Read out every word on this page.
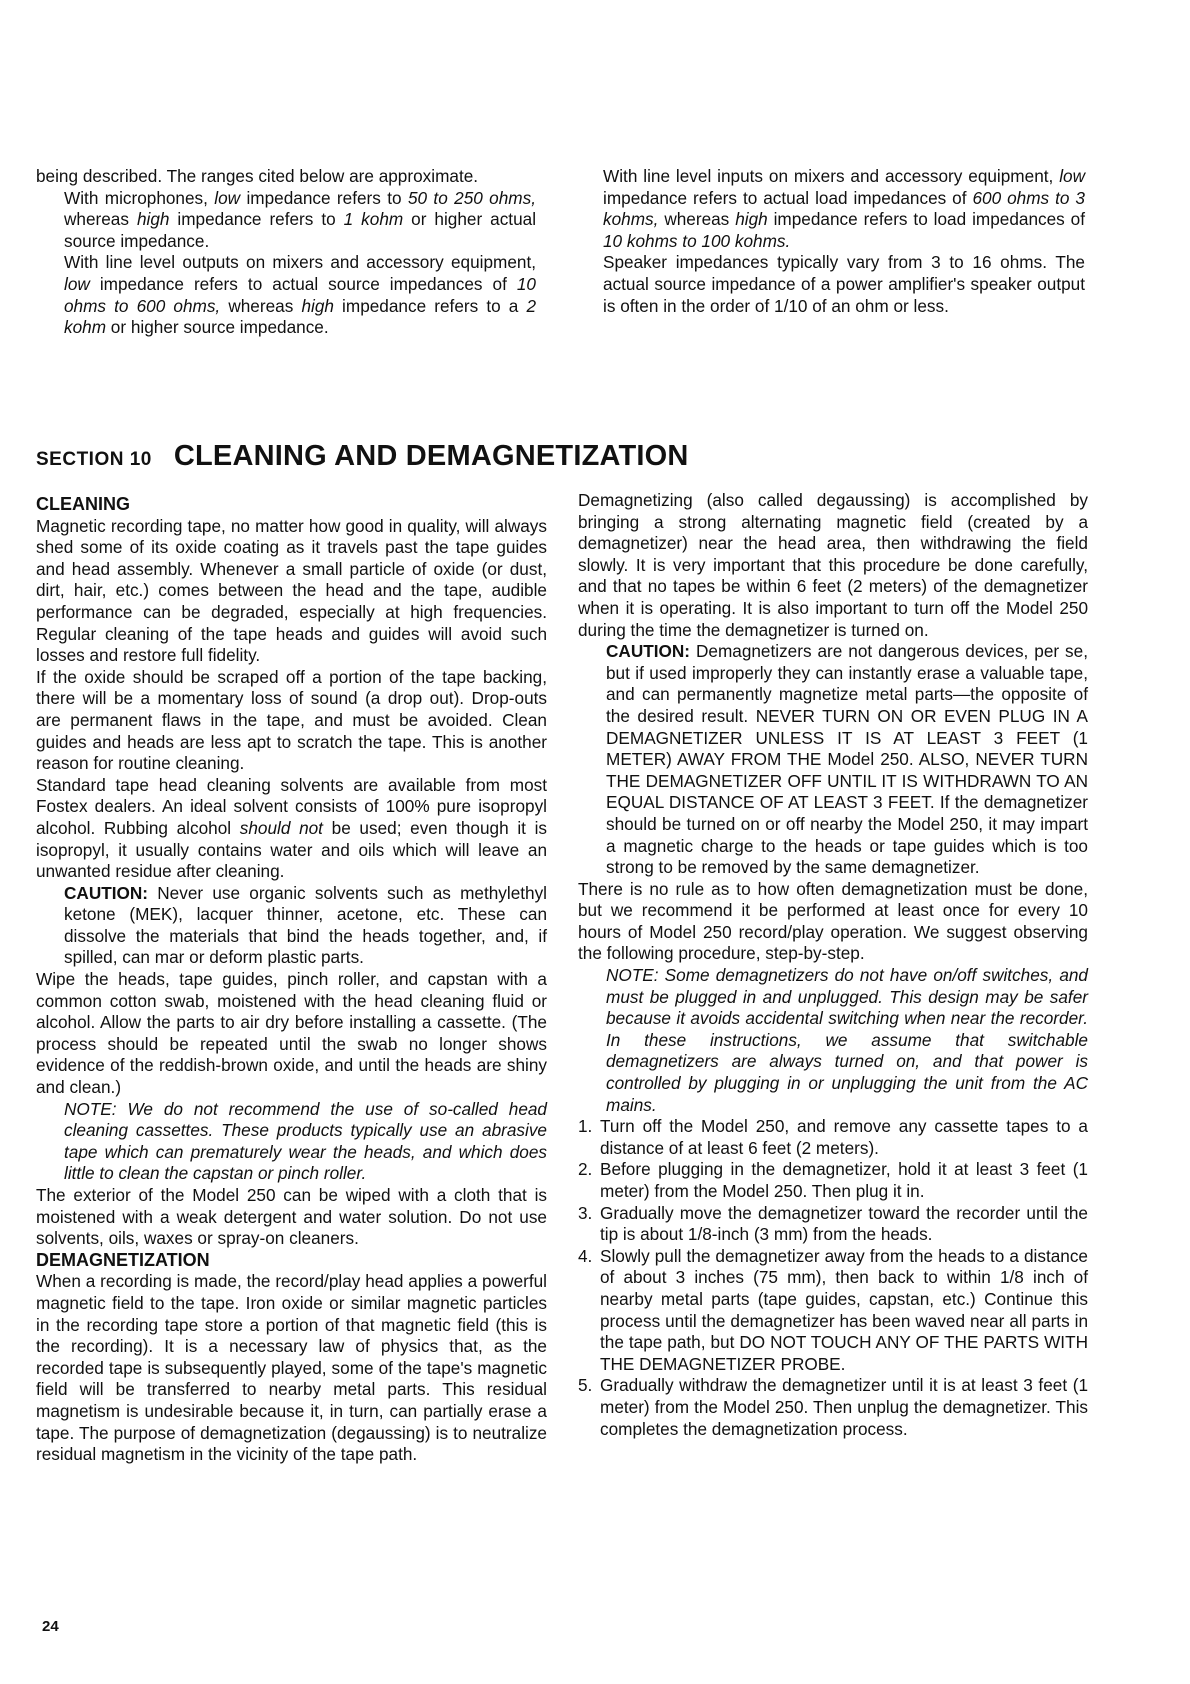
being described. The ranges cited below are approximate.

With microphones, low impedance refers to 50 to 250 ohms, whereas high impedance refers to 1 kohm or higher actual source impedance.

With line level outputs on mixers and accessory equipment, low impedance refers to actual source impedances of 10 ohms to 600 ohms, whereas high impedance refers to a 2 kohm or higher source impedance.

With line level inputs on mixers and accessory equipment, low impedance refers to actual load impedances of 600 ohms to 3 kohms, whereas high impedance refers to load impedances of 10 kohms to 100 kohms.

Speaker impedances typically vary from 3 to 16 ohms. The actual source impedance of a power amplifier's speaker output is often in the order of 1/10 of an ohm or less.

SECTION 10 CLEANING AND DEMAGNETIZATION

CLEANING

Magnetic recording tape, no matter how good in quality, will always shed some of its oxide coating as it travels past the tape guides and head assembly. Whenever a small particle of oxide (or dust, dirt, hair, etc.) comes between the head and the tape, audible performance can be degraded, especially at high frequencies. Regular cleaning of the tape heads and guides will avoid such losses and restore full fidelity.

If the oxide should be scraped off a portion of the tape backing, there will be a momentary loss of sound (a drop out). Drop-outs are permanent flaws in the tape, and must be avoided. Clean guides and heads are less apt to scratch the tape. This is another reason for routine cleaning.

Standard tape head cleaning solvents are available from most Fostex dealers. An ideal solvent consists of 100% pure isopropyl alcohol. Rubbing alcohol should not be used; even though it is isopropyl, it usually contains water and oils which will leave an unwanted residue after cleaning.

CAUTION: Never use organic solvents such as methylethyl ketone (MEK), lacquer thinner, acetone, etc. These can dissolve the materials that bind the heads together, and, if spilled, can mar or deform plastic parts.

Wipe the heads, tape guides, pinch roller, and capstan with a common cotton swab, moistened with the head cleaning fluid or alcohol. Allow the parts to air dry before installing a cassette. (The process should be repeated until the swab no longer shows evidence of the reddish-brown oxide, and until the heads are shiny and clean.)

NOTE: We do not recommend the use of so-called head cleaning cassettes. These products typically use an abrasive tape which can prematurely wear the heads, and which does little to clean the capstan or pinch roller.

The exterior of the Model 250 can be wiped with a cloth that is moistened with a weak detergent and water solution. Do not use solvents, oils, waxes or spray-on cleaners.

DEMAGNETIZATION

When a recording is made, the record/play head applies a powerful magnetic field to the tape. Iron oxide or similar magnetic particles in the recording tape store a portion of that magnetic field (this is the recording). It is a necessary law of physics that, as the recorded tape is subsequently played, some of the tape's magnetic field will be transferred to nearby metal parts. This residual magnetism is undesirable because it, in turn, can partially erase a tape. The purpose of demagnetization (degaussing) is to neutralize residual magnetism in the vicinity of the tape path.

Demagnetizing (also called degaussing) is accomplished by bringing a strong alternating magnetic field (created by a demagnetizer) near the head area, then withdrawing the field slowly. It is very important that this procedure be done carefully, and that no tapes be within 6 feet (2 meters) of the demagnetizer when it is operating. It is also important to turn off the Model 250 during the time the demagnetizer is turned on.

CAUTION: Demagnetizers are not dangerous devices, per se, but if used improperly they can instantly erase a valuable tape, and can permanently magnetize metal parts—the opposite of the desired result. NEVER TURN ON OR EVEN PLUG IN A DEMAGNETIZER UNLESS IT IS AT LEAST 3 FEET (1 METER) AWAY FROM THE Model 250. ALSO, NEVER TURN THE DEMAGNETIZER OFF UNTIL IT IS WITHDRAWN TO AN EQUAL DISTANCE OF AT LEAST 3 FEET. If the demagnetizer should be turned on or off nearby the Model 250, it may impart a magnetic charge to the heads or tape guides which is too strong to be removed by the same demagnetizer.

There is no rule as to how often demagnetization must be done, but we recommend it be performed at least once for every 10 hours of Model 250 record/play operation. We suggest observing the following procedure, step-by-step.

NOTE: Some demagnetizers do not have on/off switches, and must be plugged in and unplugged. This design may be safer because it avoids accidental switching when near the recorder. In these instructions, we assume that switchable demagnetizers are always turned on, and that power is controlled by plugging in or unplugging the unit from the AC mains.

1. Turn off the Model 250, and remove any cassette tapes to a distance of at least 6 feet (2 meters).

2. Before plugging in the demagnetizer, hold it at least 3 feet (1 meter) from the Model 250. Then plug it in.

3. Gradually move the demagnetizer toward the recorder until the tip is about 1/8-inch (3 mm) from the heads.

4. Slowly pull the demagnetizer away from the heads to a distance of about 3 inches (75 mm), then back to within 1/8 inch of nearby metal parts (tape guides, capstan, etc.) Continue this process until the demagnetizer has been waved near all parts in the tape path, but DO NOT TOUCH ANY OF THE PARTS WITH THE DEMAGNETIZER PROBE.

5. Gradually withdraw the demagnetizer until it is at least 3 feet (1 meter) from the Model 250. Then unplug the demagnetizer. This completes the demagnetization process.

24
